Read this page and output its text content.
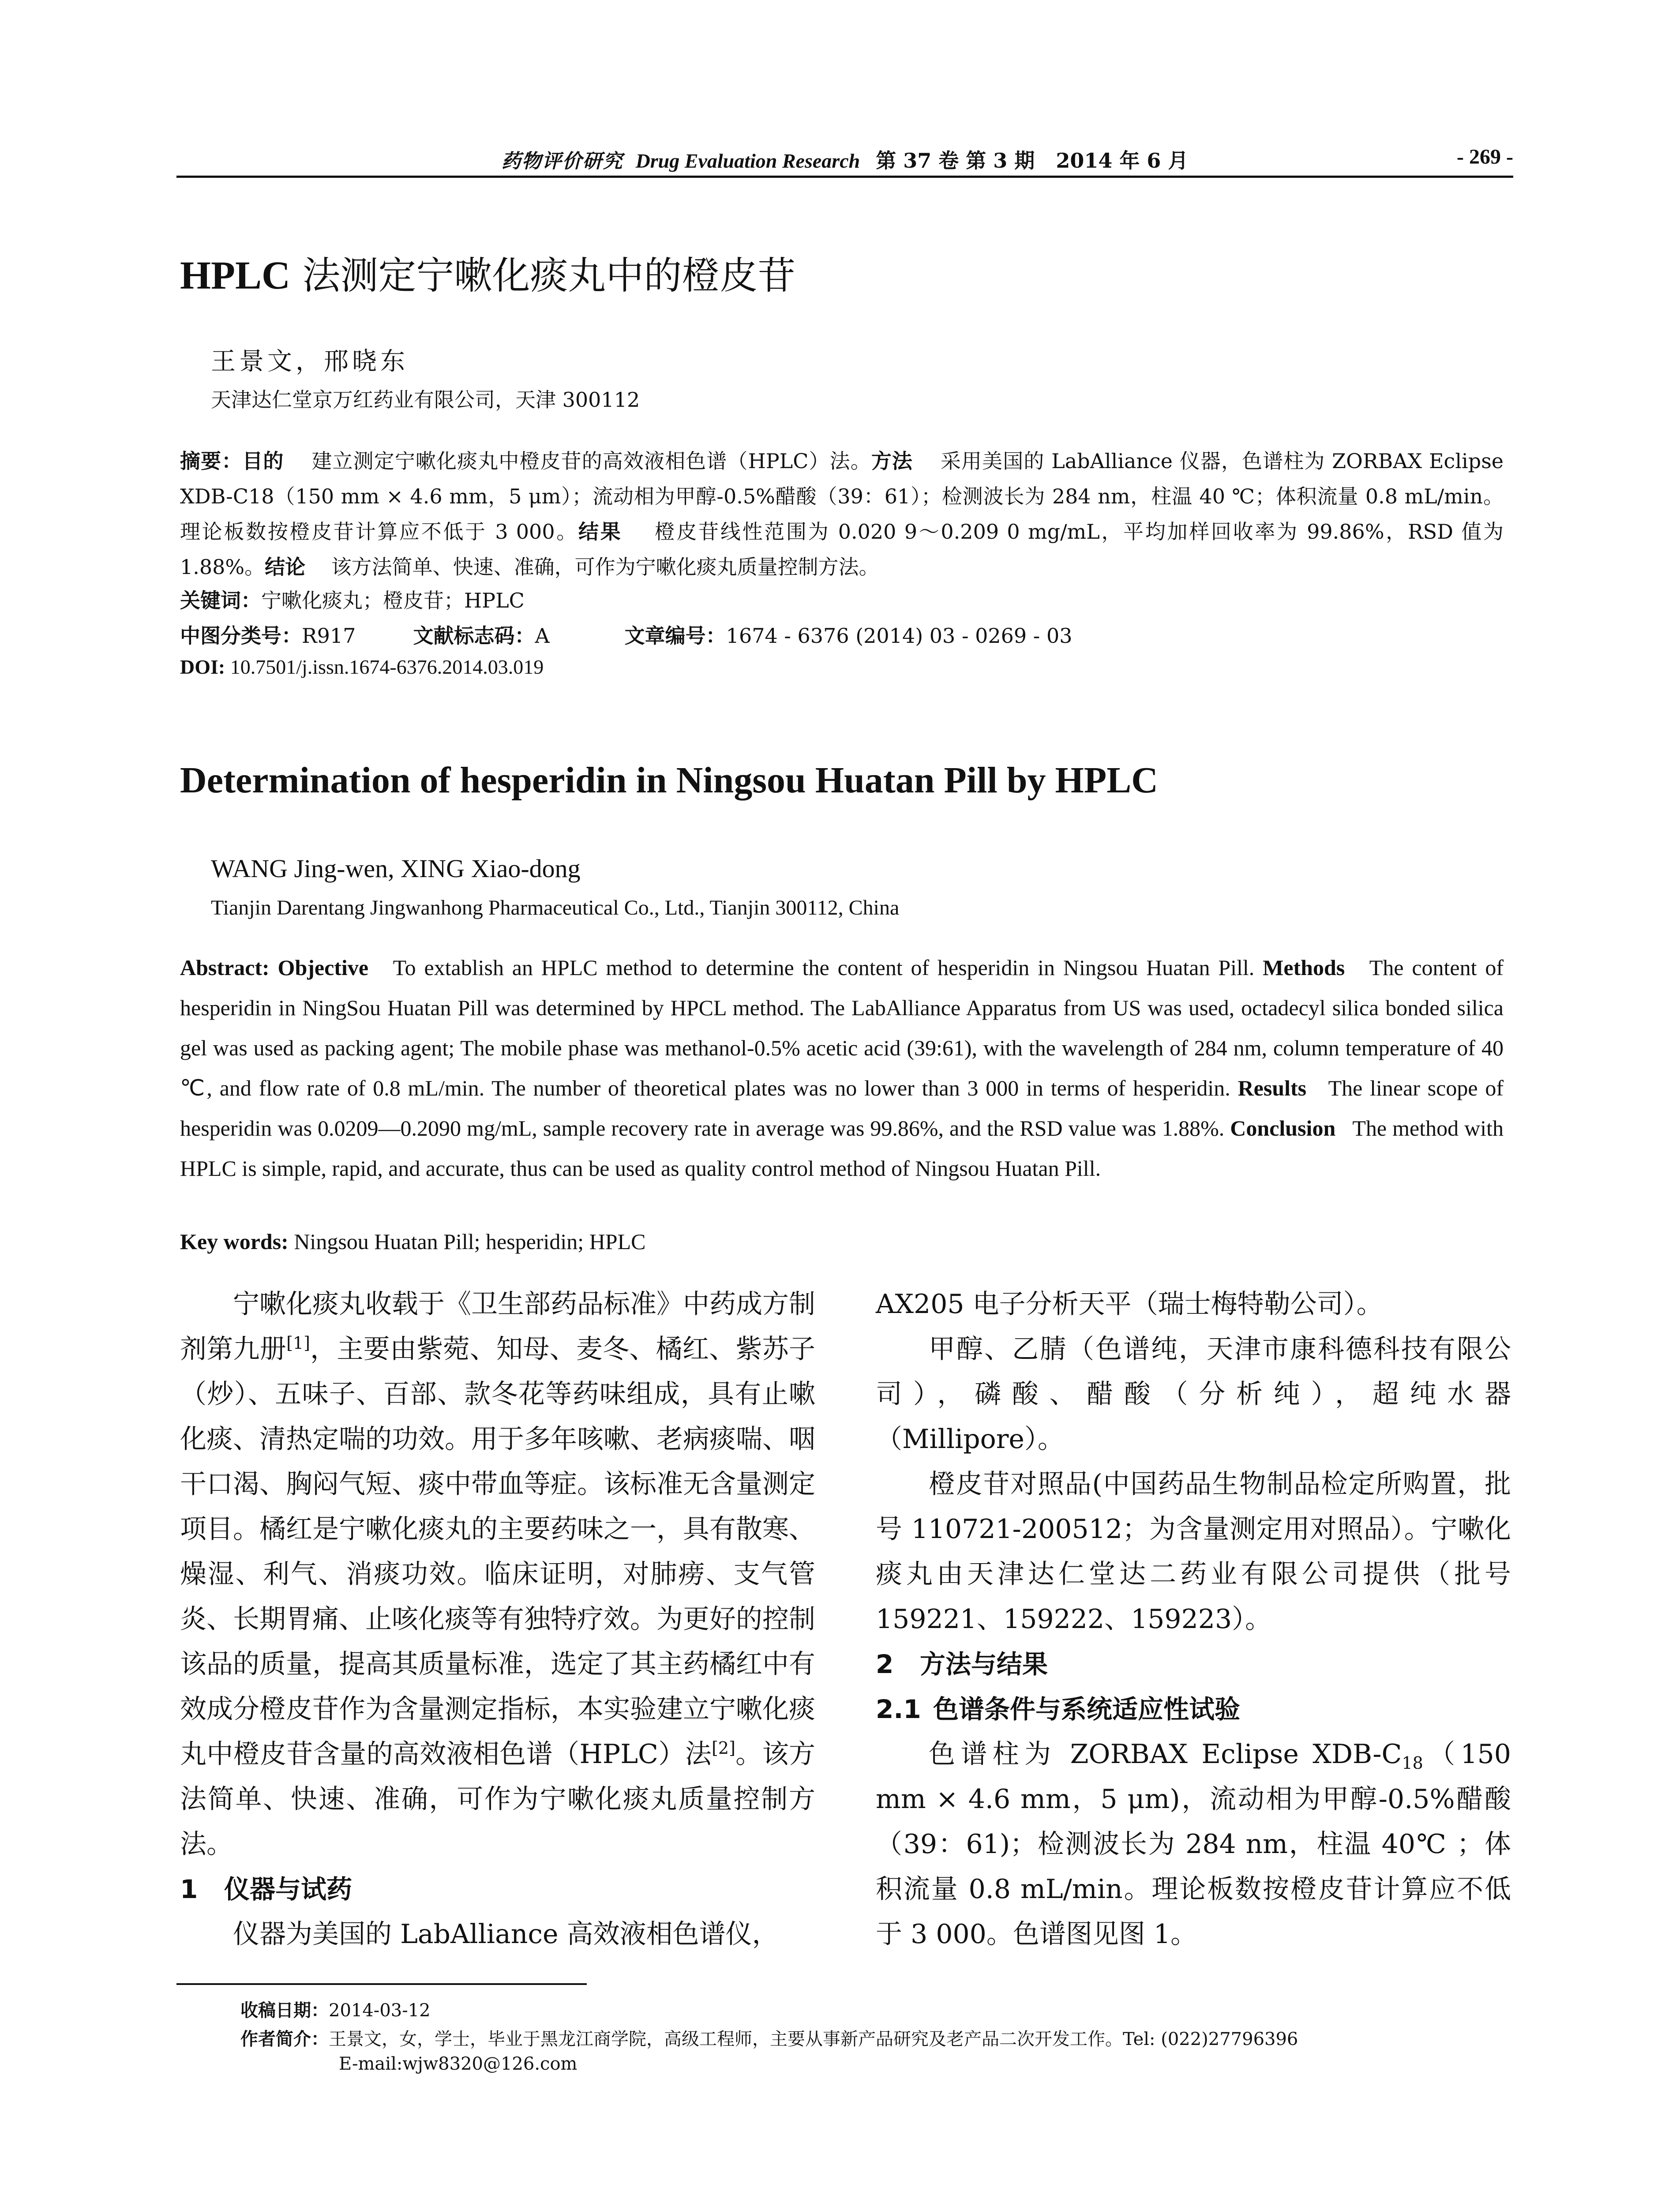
药物评价研究 Drug Evaluation Research 第 37 卷 第 3 期 2014 年 6 月	- 269 -
HPLC 法测定宁嗽化痰丸中的橙皮苷
王景文，邢晓东
天津达仁堂京万红药业有限公司，天津 300112
摘要：目的 建立测定宁嗽化痰丸中橙皮苷的高效液相色谱（HPLC）法。方法 采用美国的 LabAlliance 仪器，色谱柱为 ZORBAX Eclipse XDB-C18（150 mm × 4.6 mm，5 μm）；流动相为甲醇-0.5%醋酸（39：61）；检测波长为 284 nm，柱温 40 ℃；体积流量 0.8 mL/min。理论板数按橙皮苷计算应不低于 3 000。结果 橙皮苷线性范围为 0.020 9～0.209 0 mg/mL，平均加样回收率为 99.86%，RSD 值为 1.88%。结论 该方法简单、快速、准确，可作为宁嗽化痰丸质量控制方法。
关键词：宁嗽化痰丸；橙皮苷；HPLC
中图分类号：R917	文献标志码：A	文章编号：1674 - 6376 (2014) 03 - 0269 - 03
DOI: 10.7501/j.issn.1674-6376.2014.03.019
Determination of hesperidin in Ningsou Huatan Pill by HPLC
WANG Jing-wen, XING Xiao-dong
Tianjin Darentang Jingwanhong Pharmaceutical Co., Ltd., Tianjin 300112, China
Abstract: Objective To extablish an HPLC method to determine the content of hesperidin in Ningsou Huatan Pill. Methods The content of hesperidin in NingSou Huatan Pill was determined by HPCL method. The LabAlliance Apparatus from US was used, octadecyl silica bonded silica gel was used as packing agent; The mobile phase was methanol-0.5% acetic acid (39:61), with the wavelength of 284 nm, column temperature of 40 ℃, and flow rate of 0.8 mL/min. The number of theoretical plates was no lower than 3 000 in terms of hesperidin. Results The linear scope of hesperidin was 0.0209—0.2090 mg/mL, sample recovery rate in average was 99.86%, and the RSD value was 1.88%. Conclusion The method with HPLC is simple, rapid, and accurate, thus can be used as quality control method of Ningsou Huatan Pill.
Key words: Ningsou Huatan Pill; hesperidin; HPLC

宁嗽化痰丸收载于《卫生部药品标准》中药成方制剂第九册[1]，主要由紫菀、知母、麦冬、橘红、紫苏子（炒）、五味子、百部、款冬花等药味组成，具有止嗽化痰、清热定喘的功效。用于多年咳嗽、老病痰喘、咽干口渴、胸闷气短、痰中带血等症。该标准无含量测定项目。橘红是宁嗽化痰丸的主要药味之一，具有散寒、燥湿、利气、消痰功效。临床证明，对肺痨、支气管炎、长期胃痛、止咳化痰等有独特疗效。为更好的控制该品的质量，提高其质量标准，选定了其主药橘红中有效成分橙皮苷作为含量测定指标，本实验建立宁嗽化痰丸中橙皮苷含量的高效液相色谱（HPLC）法[2]。该方法简单、快速、准确，可作为宁嗽化痰丸质量控制方法。

1 仪器与试药

仪器为美国的 LabAlliance 高效液相色谱仪，

AX205 电子分析天平（瑞士梅特勒公司）。

甲醇、乙腈（色谱纯，天津市康科德科技有限公司），磷酸、醋酸（分析纯），超纯水器（Millipore）。

橙皮苷对照品(中国药品生物制品检定所购置，批号 110721-200512；为含量测定用对照品）。宁嗽化痰丸由天津达仁堂达二药业有限公司提供（批号 159221、159222、159223）。

2 方法与结果
2.1 色谱条件与系统适应性试验

色谱柱为 ZORBAX Eclipse XDB-$C_{18}(150$ mm × 4.6 mm，5 μm)，流动相为甲醇-0.5%醋酸（39：61)；检测波长为 284 nm，柱温 40℃ ；体积流量 0.8 mL/min。理论板数按橙皮苷计算应不低于 3 000。色谱图见图 1。

收稿日期：2014-03-12
作者简介：王景文，女，学士，毕业于黑龙江商学院，高级工程师，主要从事新产品研究及老产品二次开发工作。Tel: (022)27796396
E-mail:wjw8320@126.com
